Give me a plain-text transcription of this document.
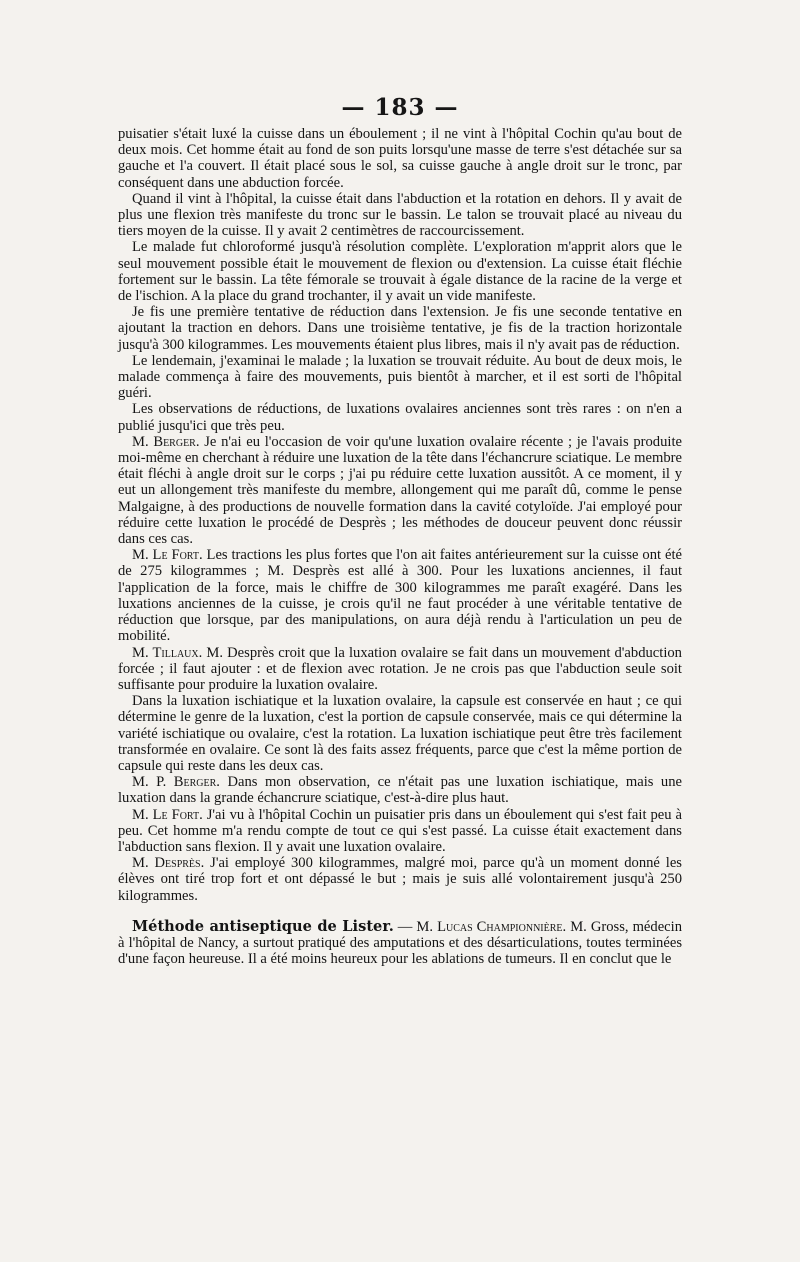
— 183 —

puisatier s'était luxé la cuisse dans un éboulement ; il ne vint à l'hôpital Cochin qu'au bout de deux mois. Cet homme était au fond de son puits lorsqu'une masse de terre s'est détachée sur sa gauche et l'a couvert. Il était placé sous le sol, sa cuisse gauche à angle droit sur le tronc, par conséquent dans une abduction forcée.

Quand il vint à l'hôpital, la cuisse était dans l'abduction et la rotation en dehors. Il y avait de plus une flexion très manifeste du tronc sur le bassin. Le talon se trouvait placé au niveau du tiers moyen de la cuisse. Il y avait 2 centimètres de raccourcissement.

Le malade fut chloroformé jusqu'à résolution complète. L'exploration m'apprit alors que le seul mouvement possible était le mouvement de flexion ou d'extension. La cuisse était fléchie fortement sur le bassin. La tête fémorale se trouvait à égale distance de la racine de la verge et de l'ischion. A la place du grand trochanter, il y avait un vide manifeste.

Je fis une première tentative de réduction dans l'extension. Je fis une seconde tentative en ajoutant la traction en dehors. Dans une troisième tentative, je fis de la traction horizontale jusqu'à 300 kilogrammes. Les mouvements étaient plus libres, mais il n'y avait pas de réduction.

Le lendemain, j'examinai le malade ; la luxation se trouvait réduite. Au bout de deux mois, le malade commença à faire des mouvements, puis bientôt à marcher, et il est sorti de l'hôpital guéri.

Les observations de réductions, de luxations ovalaires anciennes sont très rares : on n'en a publié jusqu'ici que très peu.

M. Berger. Je n'ai eu l'occasion de voir qu'une luxation ovalaire récente ; je l'avais produite moi-même en cherchant à réduire une luxation de la tête dans l'échancrure sciatique. Le membre était fléchi à angle droit sur le corps ; j'ai pu réduire cette luxation aussitôt. A ce moment, il y eut un allongement très manifeste du membre, allongement qui me paraît dû, comme le pense Malgaigne, à des productions de nouvelle formation dans la cavité cotyloïde. J'ai employé pour réduire cette luxation le procédé de Desprès ; les méthodes de douceur peuvent donc réussir dans ces cas.

M. Le Fort. Les tractions les plus fortes que l'on ait faites antérieurement sur la cuisse ont été de 275 kilogrammes ; M. Desprès est allé à 300. Pour les luxations anciennes, il faut l'application de la force, mais le chiffre de 300 kilogrammes me paraît exagéré. Dans les luxations anciennes de la cuisse, je crois qu'il ne faut procéder à une véritable tentative de réduction que lorsque, par des manipulations, on aura déjà rendu à l'articulation un peu de mobilité.

M. Tillaux. M. Desprès croit que la luxation ovalaire se fait dans un mouvement d'abduction forcée ; il faut ajouter : et de flexion avec rotation. Je ne crois pas que l'abduction seule soit suffisante pour produire la luxation ovalaire.

Dans la luxation ischiatique et la luxation ovalaire, la capsule est conservée en haut ; ce qui détermine le genre de la luxation, c'est la portion de capsule conservée, mais ce qui détermine la variété ischiatique ou ovalaire, c'est la rotation. La luxation ischiatique peut être très facilement transformée en ovalaire. Ce sont là des faits assez fréquents, parce que c'est la même portion de capsule qui reste dans les deux cas.

M. P. Berger. Dans mon observation, ce n'était pas une luxation ischiatique, mais une luxation dans la grande échancrure sciatique, c'est-à-dire plus haut.

M. Le Fort. J'ai vu à l'hôpital Cochin un puisatier pris dans un éboulement qui s'est fait peu à peu. Cet homme m'a rendu compte de tout ce qui s'est passé. La cuisse était exactement dans l'abduction sans flexion. Il y avait une luxation ovalaire.

M. Desprès. J'ai employé 300 kilogrammes, malgré moi, parce qu'à un moment donné les élèves ont tiré trop fort et ont dépassé le but ; mais je suis allé volontairement jusqu'à 250 kilogrammes.

Méthode antiseptique de Lister. — M. Lucas Championnière. M. Gross, médecin à l'hôpital de Nancy, a surtout pratiqué des amputations et des désarticulations, toutes terminées d'une façon heureuse. Il a été moins heureux pour les ablations de tumeurs. Il en conclut que le
